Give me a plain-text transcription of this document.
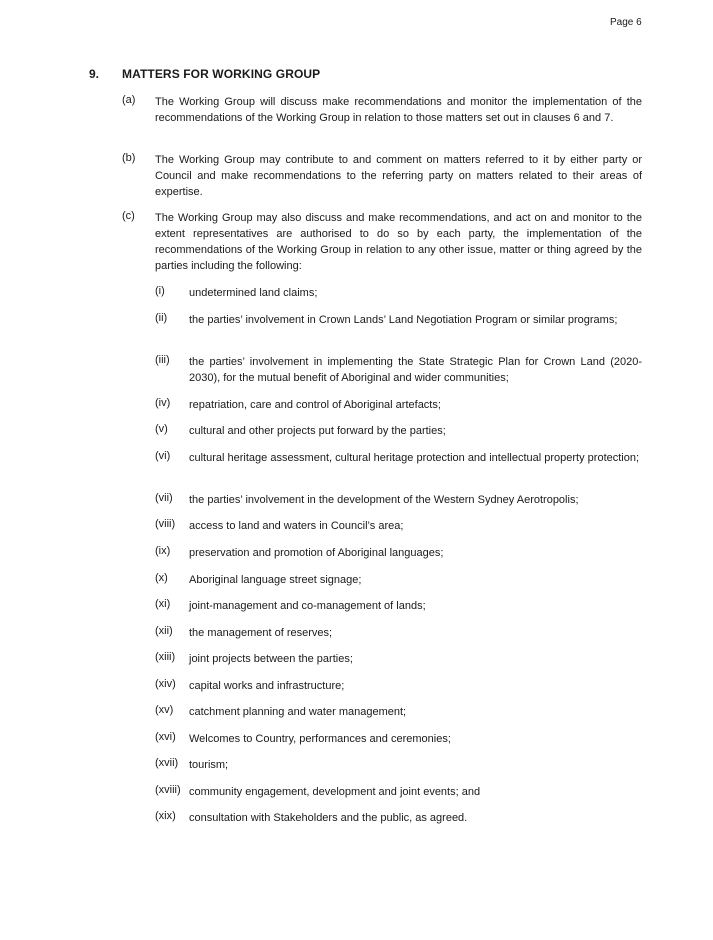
Page 6
9. MATTERS FOR WORKING GROUP
(a) The Working Group will discuss make recommendations and monitor the implementation of the recommendations of the Working Group in relation to those matters set out in clauses 6 and 7.
(b) The Working Group may contribute to and comment on matters referred to it by either party or Council and make recommendations to the referring party on matters related to their areas of expertise.
(c) The Working Group may also discuss and make recommendations, and act on and monitor to the extent representatives are authorised to do so by each party, the implementation of the recommendations of the Working Group in relation to any other issue, matter or thing agreed by the parties including the following:
(i) undetermined land claims;
(ii) the parties’ involvement in Crown Lands’ Land Negotiation Program or similar programs;
(iii) the parties’ involvement in implementing the State Strategic Plan for Crown Land (2020-2030), for the mutual benefit of Aboriginal and wider communities;
(iv) repatriation, care and control of Aboriginal artefacts;
(v) cultural and other projects put forward by the parties;
(vi) cultural heritage assessment, cultural heritage protection and intellectual property protection;
(vii) the parties’ involvement in the development of the Western Sydney Aerotropolis;
(viii) access to land and waters in Council’s area;
(ix) preservation and promotion of Aboriginal languages;
(x) Aboriginal language street signage;
(xi) joint-management and co-management of lands;
(xii) the management of reserves;
(xiii) joint projects between the parties;
(xiv) capital works and infrastructure;
(xv) catchment planning and water management;
(xvi) Welcomes to Country, performances and ceremonies;
(xvii) tourism;
(xviii) community engagement, development and joint events; and
(xix) consultation with Stakeholders and the public, as agreed.
